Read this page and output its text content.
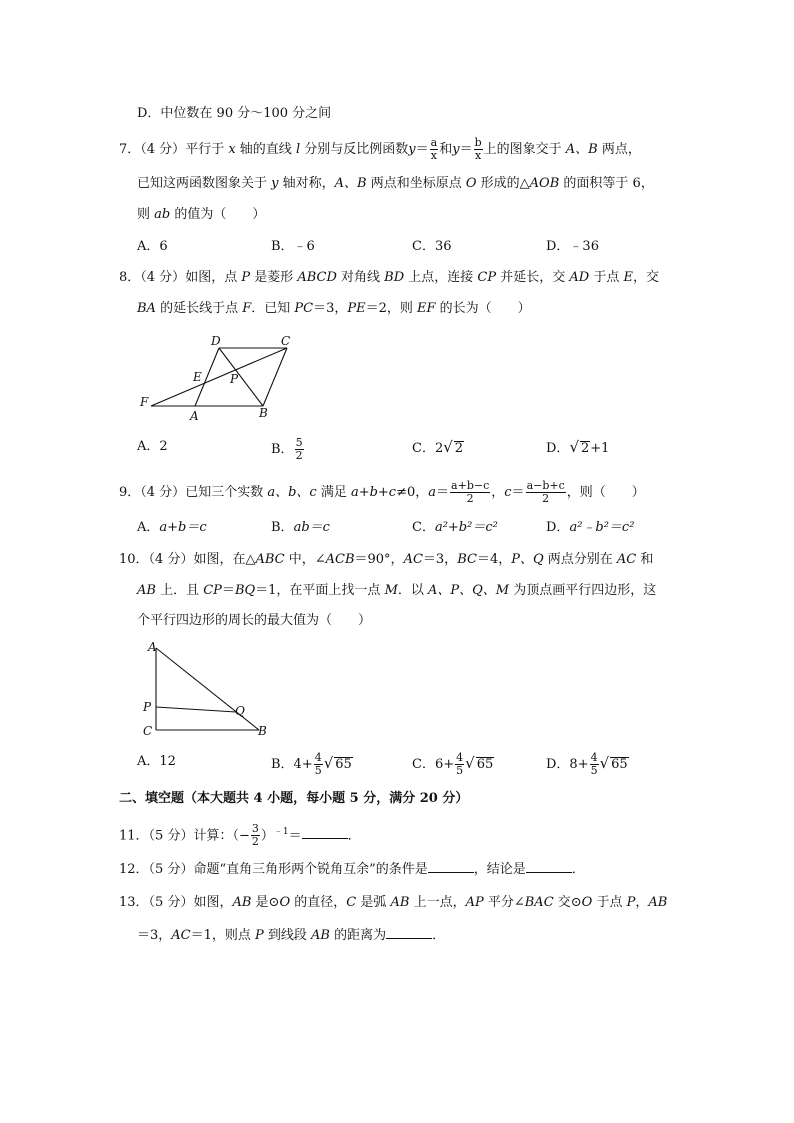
D．中位数在 90 分～100 分之间
7．（4 分）平行于 x 轴的直线 l 分别与反比例函数$y= \frac{a}{x}$ 和$y= \frac{b}{x}$ 上的图象交于 A、B 两点，
已知这两函数图象关于 y 轴对称，A、B 两点和坐标原点 O 形成的△AOB 的面积等于 6，
则 ab 的值为（　　）
A．6	B．﹣6	C．36	D．﹣36
8．（4 分）如图，点 P 是菱形 ABCD 对角线 BD 上点，连接 CP 并延长，交 AD 于点 E，交
BA 的延长线于点 F．已知 PC＝3，PE＝2，则 EF 的长为（　　）
D	C
E P
F
A	B
A．2	B． $\frac{5}{2}$	C．2√ 2	D．√ 2+1
9．（4 分）已知三个实数 a、b、c 满足 a+b+c≠0，$a= \frac{a+b-c}{2}$ ，$c= \frac{a-b+c}{2}$ ，则（　　）
A．a+b＝c	B．ab＝c	C．a²+b²＝c²	D．a²﹣b²＝c²
10．（4 分）如图，在△ABC 中，∠ACB＝90°，AC＝3，BC＝4，P、Q 两点分别在 AC 和
AB 上．且 CP＝BQ＝1，在平面上找一点 M．以 A、P、Q、M 为顶点画平行四边形，这
个平行四边形的周长的最大值为（　　）
A
P	Q
C	B
A．12	B．$4+ \frac{4}{5}$ √ 65	C．$6+ \frac{4}{5}$ √ 65	D．$8+ \frac{4}{5}$ √ 65
二、填空题（本大题共 4 小题，每小题 5 分，满分 20 分）
11．（5 分）计算：（− $\frac{3}{2} )^{﹣1}=$	．
12．（5 分）命题“直角三角形两个锐角互余”的条件是	，结论是	．
13．（5 分）如图，AB 是⊙O 的直径，C 是弧 AB 上一点，AP 平分∠BAC 交⊙O 于点 P，AB
＝3，AC＝1，则点 P 到线段 AB 的距离为	．
